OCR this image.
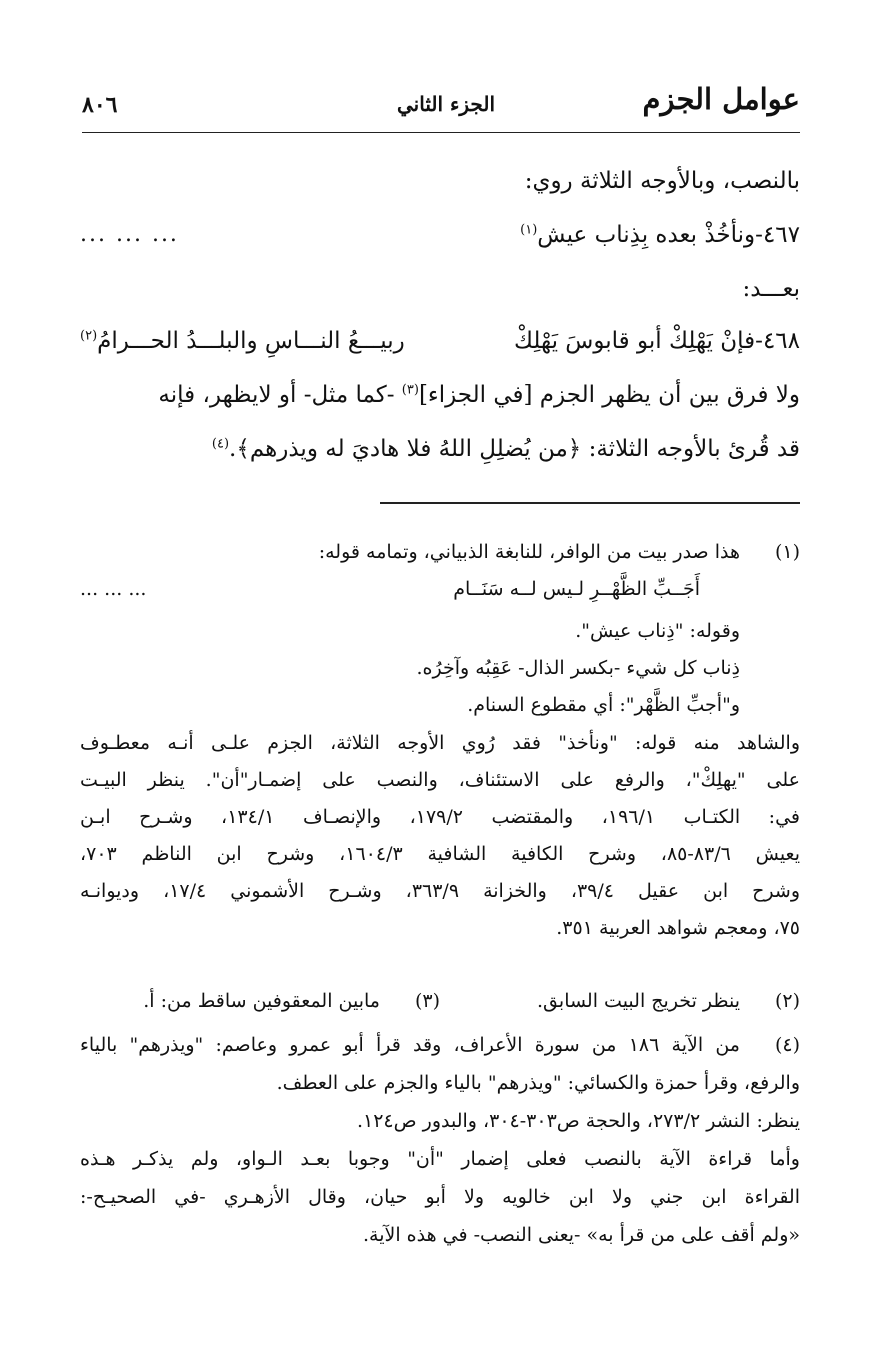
عوامل الجزم
الجزء الثاني
٨٠٦
بالنصب، وبالأوجه الثلاثة روي:
٤٦٧-ونأخُذْ بعده بِذِناب عيش$^{(١)}$
... ... ...
بعـــد:
٤٦٨-فإنْ يَهْلِكْ أبو قابوسَ يَهْلِكْ
ربيـــعُ النـــاسِ والبلـــدُ الحـــرامُ$^{(٢)}$
ولا فرق بين أن يظهر الجزم [في الجزاء]$^{(٣)}$ -كما مثل- أو لايظهر، فإنه
قد قُرئ بالأوجه الثلاثة: ﴿من يُضلِلِ اللهُ فلا هاديَ له ويذرهم﴾.$^{(٤)}$
(١)
هذا صدر بيت من الوافر، للنابغة الذبياني، وتمامه قوله:
أَجَــبِّ الظَّهْــرِ لـيس لــه سَنَــام
... ... ...
وقوله: "ذِناب عيش".
ذِناب كل شيء -بكسر الذال- عَقِبُه وآخِرُه.
و"أجبِّ الظَّهْر": أي مقطوع السنام.
والشاهد منه قوله: "ونأخذ" فقد رُوي الأوجه الثلاثة، الجزم علـى أنـه معطـوف
على "يهلِكْ"، والرفع على الاستئناف، والنصب على إضمـار"أن". ينظر البيـت
في: الكتـاب ١٩٦/١، والمقتضب ١٧٩/٢، والإنصـاف ١٣٤/١، وشـرح ابـن
يعيش ٨٣/٦-٨٥، وشرح الكافية الشافية ١٦٠٤/٣، وشرح ابن الناظم ٧٠٣،
وشرح ابن عقيل ٣٩/٤، والخزانة ٣٦٣/٩، وشـرح الأشموني ١٧/٤، وديوانـه
٧٥، ومعجم شواهد العربية ٣٥١.
(٢)
ينظر تخريج البيت السابق.
(٣)
مابين المعقوفين ساقط من: أ.
(٤)
من الآية ١٨٦ من سورة الأعراف، وقد قرأ أبو عمرو وعاصم: "ويذرهم" بالياء
والرفع، وقرأ حمزة والكسائي: "ويذرهم" بالياء والجزم على العطف.
ينظر: النشر ٢٧٣/٢، والحجة ص٣٠٣-٣٠٤، والبدور ص١٢٤.
وأما قراءة الآية بالنصب فعلى إضمار "أن" وجوبا بعـد الـواو، ولم يذكـر هـذه
القراءة ابن جني ولا ابن خالويه ولا أبو حيان، وقال الأزهـري -في الصحيـح-:
«ولم أقف على من قرأ به» -يعنى النصب- في هذه الآية.
